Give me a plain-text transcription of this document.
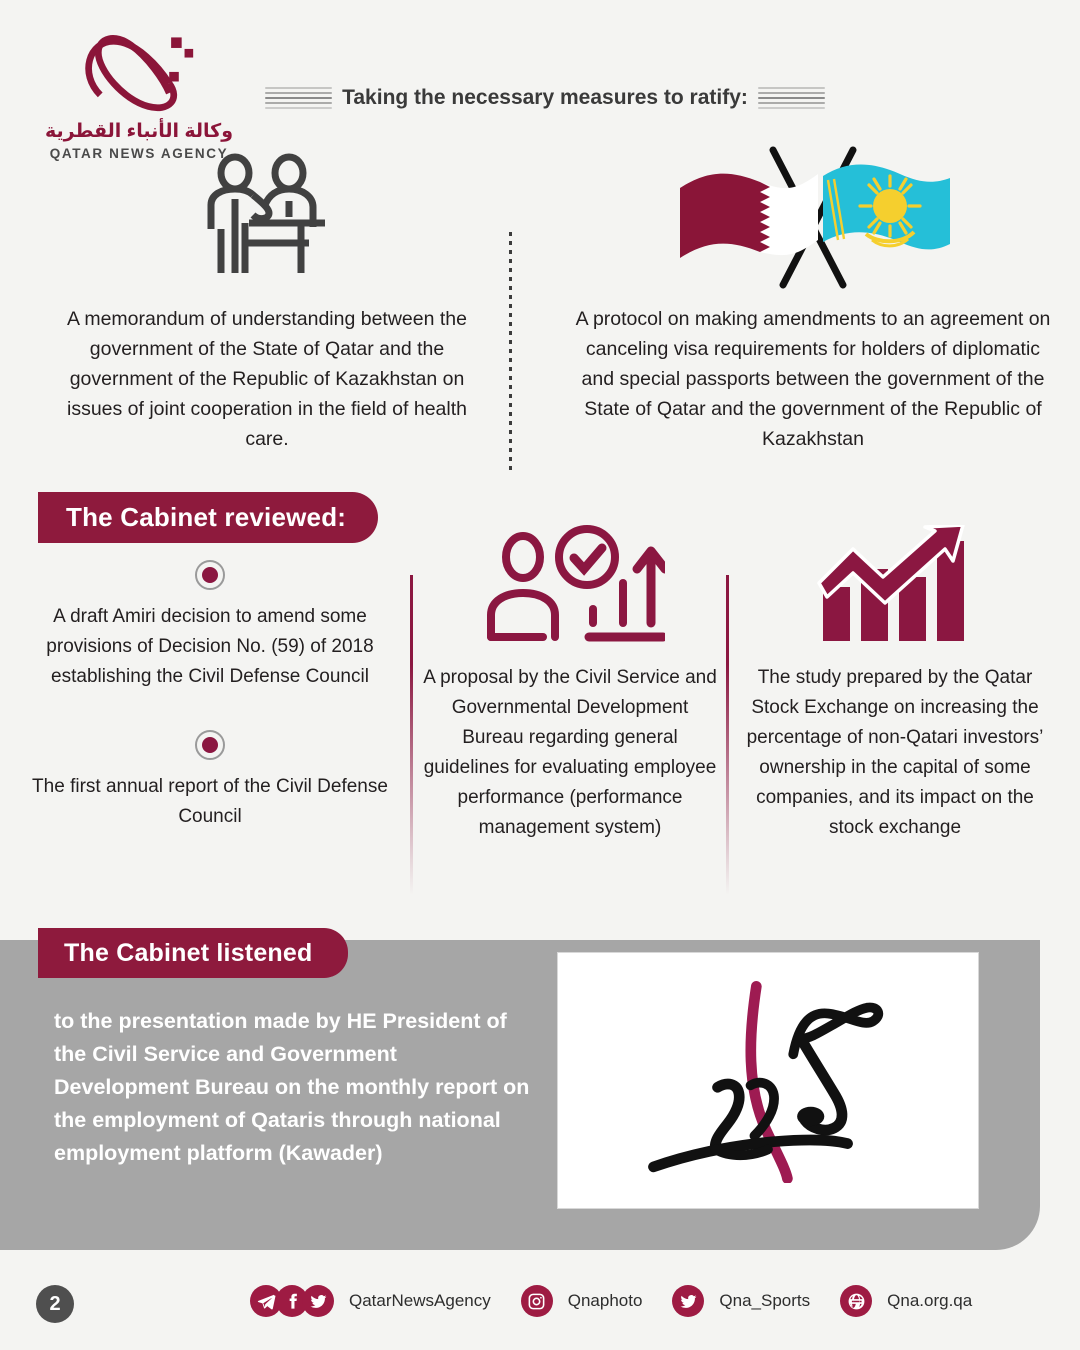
وكالة الأنباء القطرية
QATAR NEWS AGENCY
Taking the necessary measures to ratify:
A memorandum of understanding between the government of the State of Qatar and the government of the Republic of Kazakhstan on issues of joint cooperation in the field of health care.
A protocol on making amendments to an agreement on canceling visa requirements for holders of diplomatic and special passports between the government of the State of Qatar and the government of the Republic of Kazakhstan
The Cabinet reviewed:
A draft Amiri decision to amend some provisions of Decision No. (59) of 2018 establishing the Civil Defense Council
The first annual report of the Civil Defense Council
A proposal by the Civil Service and Governmental Development Bureau regarding general guidelines for evaluating employee performance (performance management system)
The study prepared by the Qatar Stock Exchange on increasing the percentage of non-Qatari investors’ ownership in the capital of some companies, and its impact on the stock exchange
The Cabinet listened
to the presentation made by HE President of the Civil Service and Government Development Bureau on the monthly report on the employment of Qataris through national employment platform (Kawader)
2	QatarNewsAgency	Qnaphoto	Qna_Sports	Qna.org.qa
